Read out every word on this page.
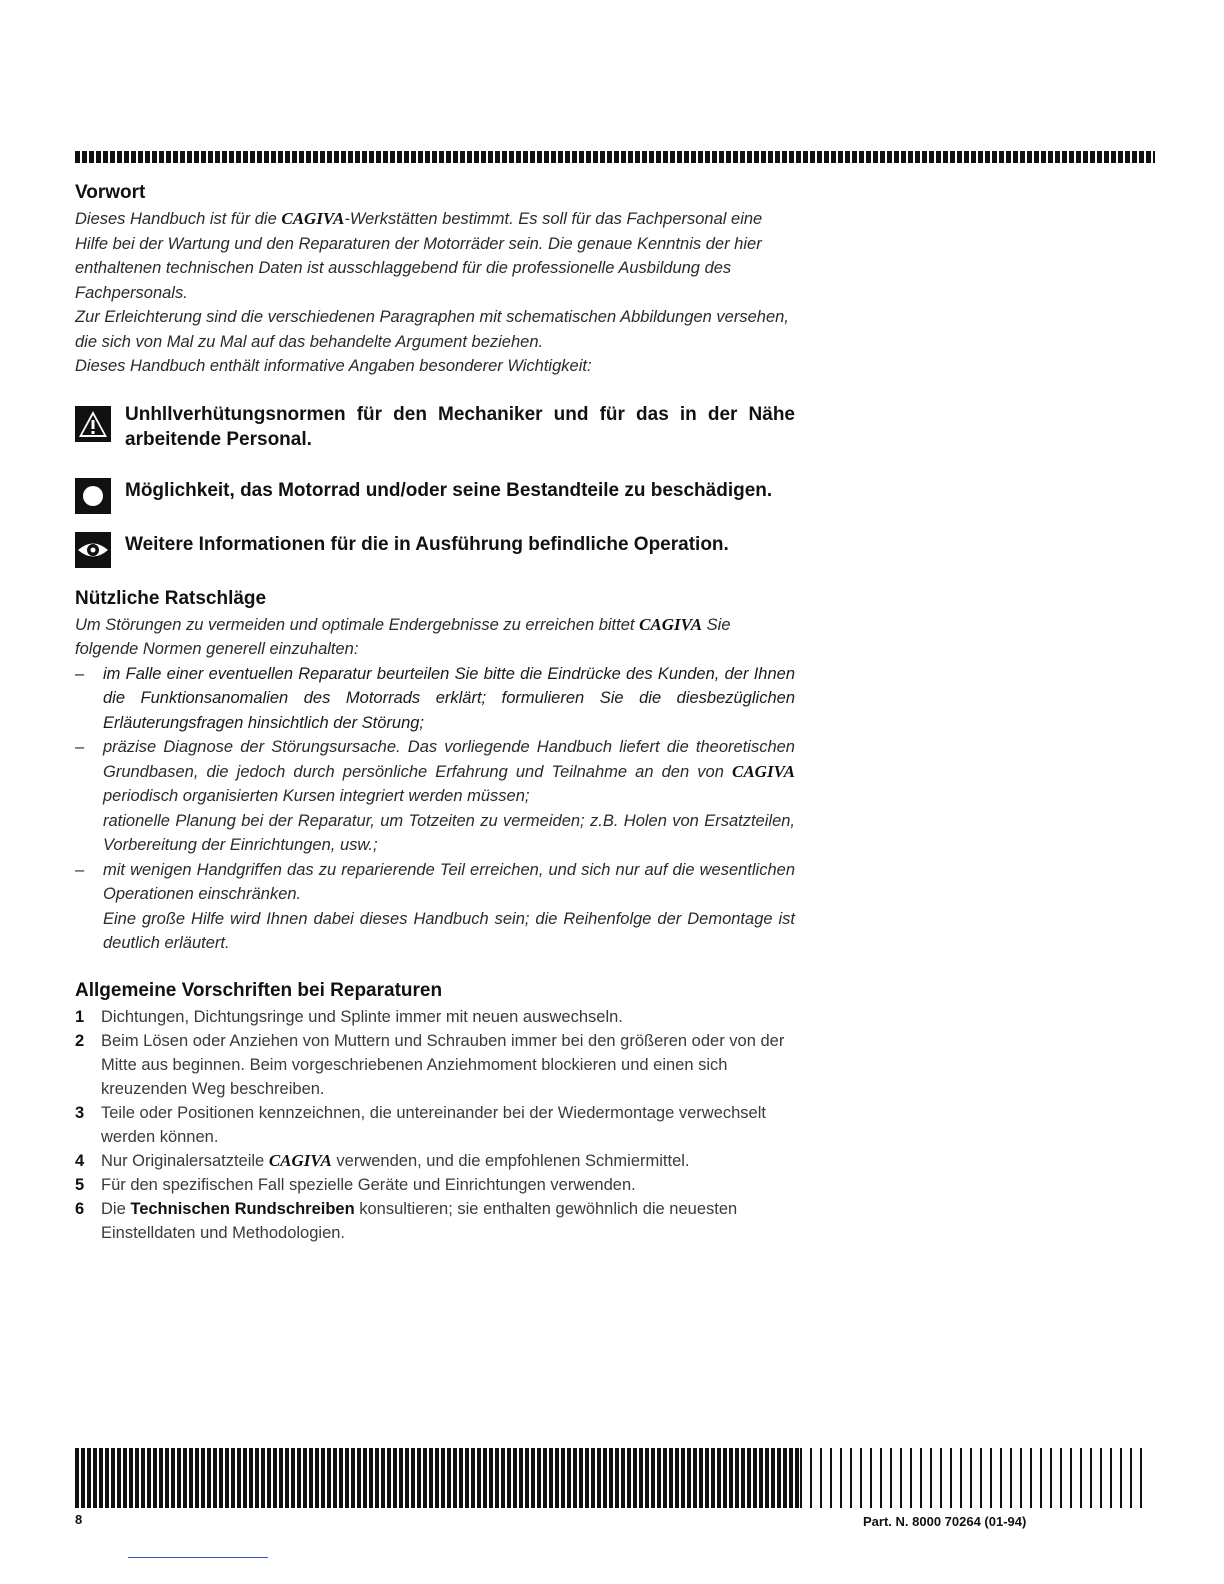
Vorwort

Dieses Handbuch ist für die CAGIVA-Werkstätten bestimmt. Es soll für das Fachpersonal eine Hilfe bei der Wartung und den Reparaturen der Motorräder sein. Die genaue Kenntnis der hier enthaltenen technischen Daten ist ausschlaggebend für die professionelle Ausbildung des Fachpersonals.

Zur Erleichterung sind die verschiedenen Paragraphen mit schematischen Abbildungen versehen, die sich von Mal zu Mal auf das behandelte Argument beziehen.

Dieses Handbuch enthält informative Angaben besonderer Wichtigkeit:

Unhllverhütungsnormen für den Mechaniker und für das in der Nähe arbeitende Personal.
Möglichkeit, das Motorrad und/oder seine Bestandteile zu beschädigen.
Weitere Informationen für die in Ausführung befindliche Operation.
Nützliche Ratschläge

Um Störungen zu vermeiden und optimale Endergebnisse zu erreichen bittet CAGIVA Sie folgende Normen generell einzuhalten:

– im Falle einer eventuellen Reparatur beurteilen Sie bitte die Eindrücke des Kunden, der Ihnen die Funktionsanomalien des Motorrads erklärt; formulieren Sie die diesbezüglichen Erläuterungsfragen hinsichtlich der Störung;
– präzise Diagnose der Störungsursache. Das vorliegende Handbuch liefert die theoretischen Grundbasen, die jedoch durch persönliche Erfahrung und Teilnahme an den von CAGIVA periodisch organisierten Kursen integriert werden müssen;
rationelle Planung bei der Reparatur, um Totzeiten zu vermeiden; z.B. Holen von Ersatzteilen, Vorbereitung der Einrichtungen, usw.;
– mit wenigen Handgriffen das zu reparierende Teil erreichen, und sich nur auf die wesentlichen Operationen einschränken.

Eine große Hilfe wird Ihnen dabei dieses Handbuch sein; die Reihenfolge der Demontage ist deutlich erläutert.

Allgemeine Vorschriften bei Reparaturen
1	Dichtungen, Dichtungsringe und Splinte immer mit neuen auswechseln.
2	Beim Lösen oder Anziehen von Muttern und Schrauben immer bei den größeren oder von der Mitte aus beginnen. Beim vorgeschriebenen Anziehmoment blockieren und einen sich kreuzenden Weg beschreiben.
3	Teile oder Positionen kennzeichnen, die untereinander bei der Wiedermontage verwechselt werden können.
4	Nur Originalersatzteile CAGIVA verwenden, und die empfohlenen Schmiermittel.
5	Für den spezifischen Fall spezielle Geräte und Einrichtungen verwenden.
6	Die Technischen Rundschreiben konsultieren; sie enthalten gewöhnlich die neuesten Einstelldaten und Methodologien.
8	Part. N. 8000 70264 (01-94)
